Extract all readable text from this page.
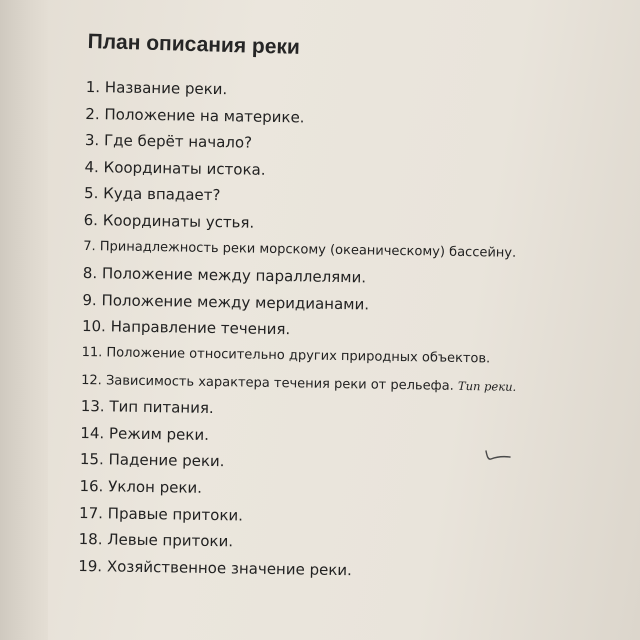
План описания реки
1. Название реки.
2. Положение на материке.
3. Где берёт начало?
4. Координаты истока.
5. Куда впадает?
6. Координаты устья.
7. Принадлежность реки морскому (океаническому) бассейну.
8. Положение между параллелями.
9. Положение между меридианами.
10. Направление течения.
11. Положение относительно других природных объектов.
12. Зависимость характера течения реки от рельефа. Тип реки.
13. Тип питания.
14. Режим реки.
15. Падение реки.
16. Уклон реки.
17. Правые притоки.
18. Левые притоки.
19. Хозяйственное значение реки.
